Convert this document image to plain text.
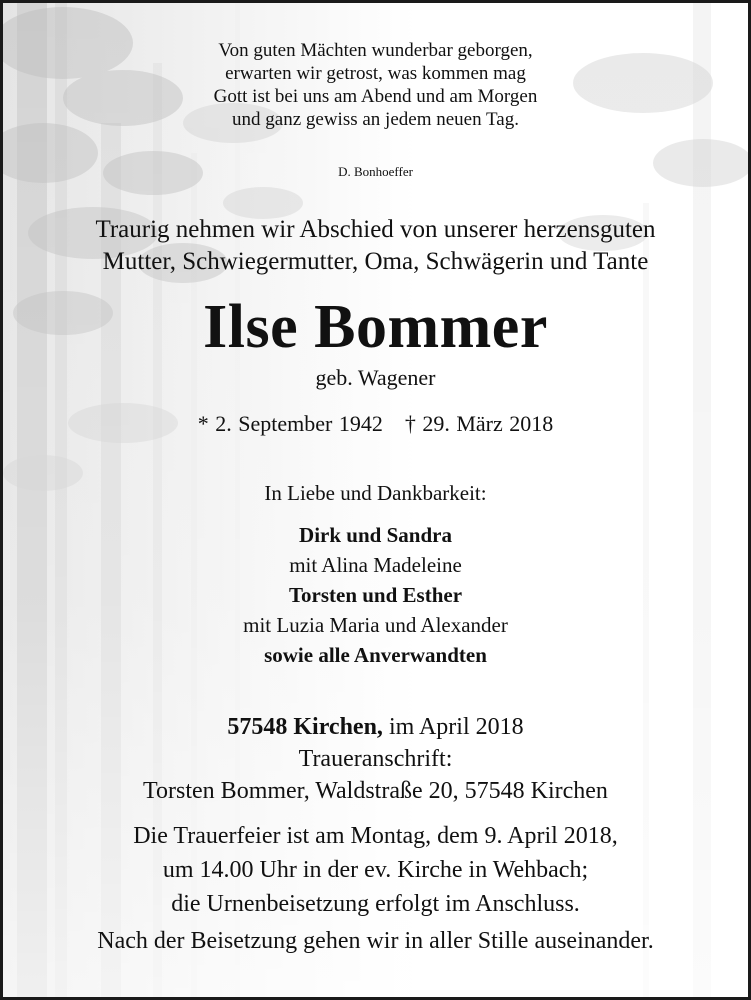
Von guten Mächten wunderbar geborgen,
erwarten wir getrost, was kommen mag
Gott ist bei uns am Abend und am Morgen
und ganz gewiss an jedem neuen Tag.
D. Bonhoeffer
Traurig nehmen wir Abschied von unserer herzensguten
Mutter, Schwiegermutter, Oma, Schwägerin und Tante
Ilse Bommer
geb. Wagener
* 2. September 1942 † 29. März 2018
In Liebe und Dankbarkeit:
Dirk und Sandra
mit Alina Madeleine
Torsten und Esther
mit Luzia Maria und Alexander
sowie alle Anverwandten
57548 Kirchen, im April 2018
Traueranschrift:
Torsten Bommer, Waldstraße 20, 57548 Kirchen
Die Trauerfeier ist am Montag, dem 9. April 2018,
um 14.00 Uhr in der ev. Kirche in Wehbach;
die Urnenbeisetzung erfolgt im Anschluss.
Nach der Beisetzung gehen wir in aller Stille auseinander.
